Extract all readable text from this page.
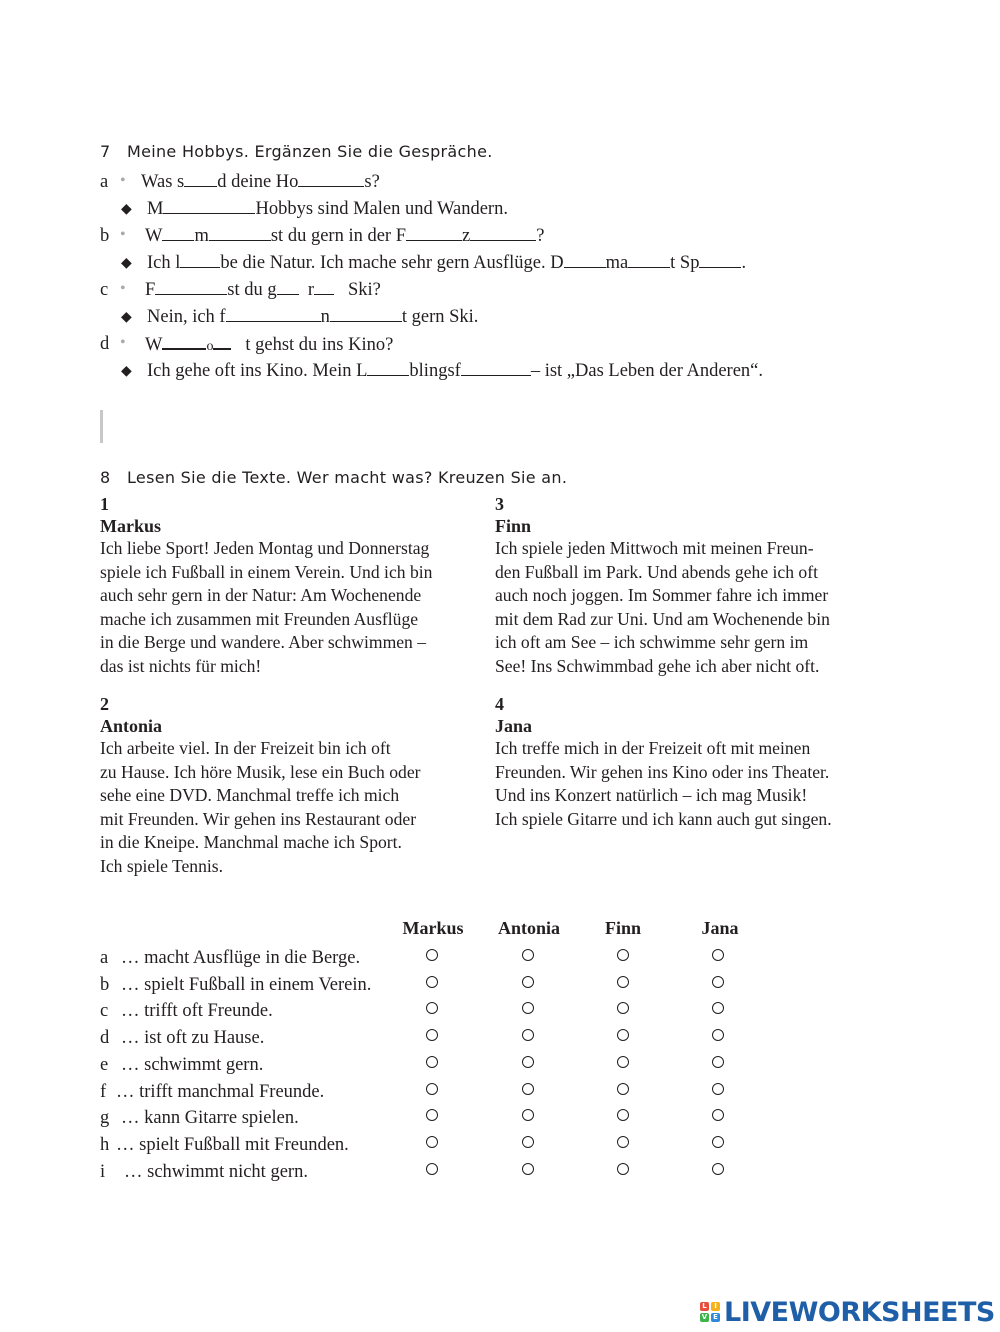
7 Meine Hobbys. Ergänzen Sie die Gespräche.
a • Was s d deine Ho	s?
◆ M	Hobbys sind Malen und Wandern.
b • W m	st du gern in der F	z	?
◆ Ich l be die Natur. Ich mache sehr gern Ausflüge. D ma t Sp .
c • F	st du g r Ski?
◆ Nein, ich f	n	t gern Ski.
d • W	o t gehst du ins Kino?
◆ Ich gehe oft ins Kino. Mein L blingsf	– ist „Das Leben der Anderen“.
8 Lesen Sie die Texte. Wer macht was? Kreuzen Sie an.
1
Markus
Ich liebe Sport! Jeden Montag und Donnerstag
spiele ich Fußball in einem Verein. Und ich bin
auch sehr gern in der Natur: Am Wochenende
mache ich zusammen mit Freunden Ausflüge
in die Berge und wandere. Aber schwimmen –
das ist nichts für mich!
3
Finn
Ich spiele jeden Mittwoch mit meinen Freun-
den Fußball im Park. Und abends gehe ich oft
auch noch joggen. Im Sommer fahre ich immer
mit dem Rad zur Uni. Und am Wochenende bin
ich oft am See – ich schwimme sehr gern im
See! Ins Schwimmbad gehe ich aber nicht oft.
2
Antonia
Ich arbeite viel. In der Freizeit bin ich oft
zu Hause. Ich höre Musik, lese ein Buch oder
sehe eine DVD. Manchmal treffe ich mich
mit Freunden. Wir gehen ins Restaurant oder
in die Kneipe. Manchmal mache ich Sport.
Ich spiele Tennis.
4
Jana
Ich treffe mich in der Freizeit oft mit meinen
Freunden. Wir gehen ins Kino oder ins Theater.
Und ins Konzert natürlich – ich mag Musik!
Ich spiele Gitarre und ich kann auch gut singen.
Markus	Antonia	Finn	Jana
a … macht Ausflüge in die Berge.
b … spielt Fußball in einem Verein.
c … trifft oft Freunde.
d … ist oft zu Hause.
e … schwimmt gern.
f … trifft manchmal Freunde.
g … kann Gitarre spielen.
h … spielt Fußball mit Freunden.
i … schwimmt nicht gern.
L	I
V E LIVEWORKSHEETS
